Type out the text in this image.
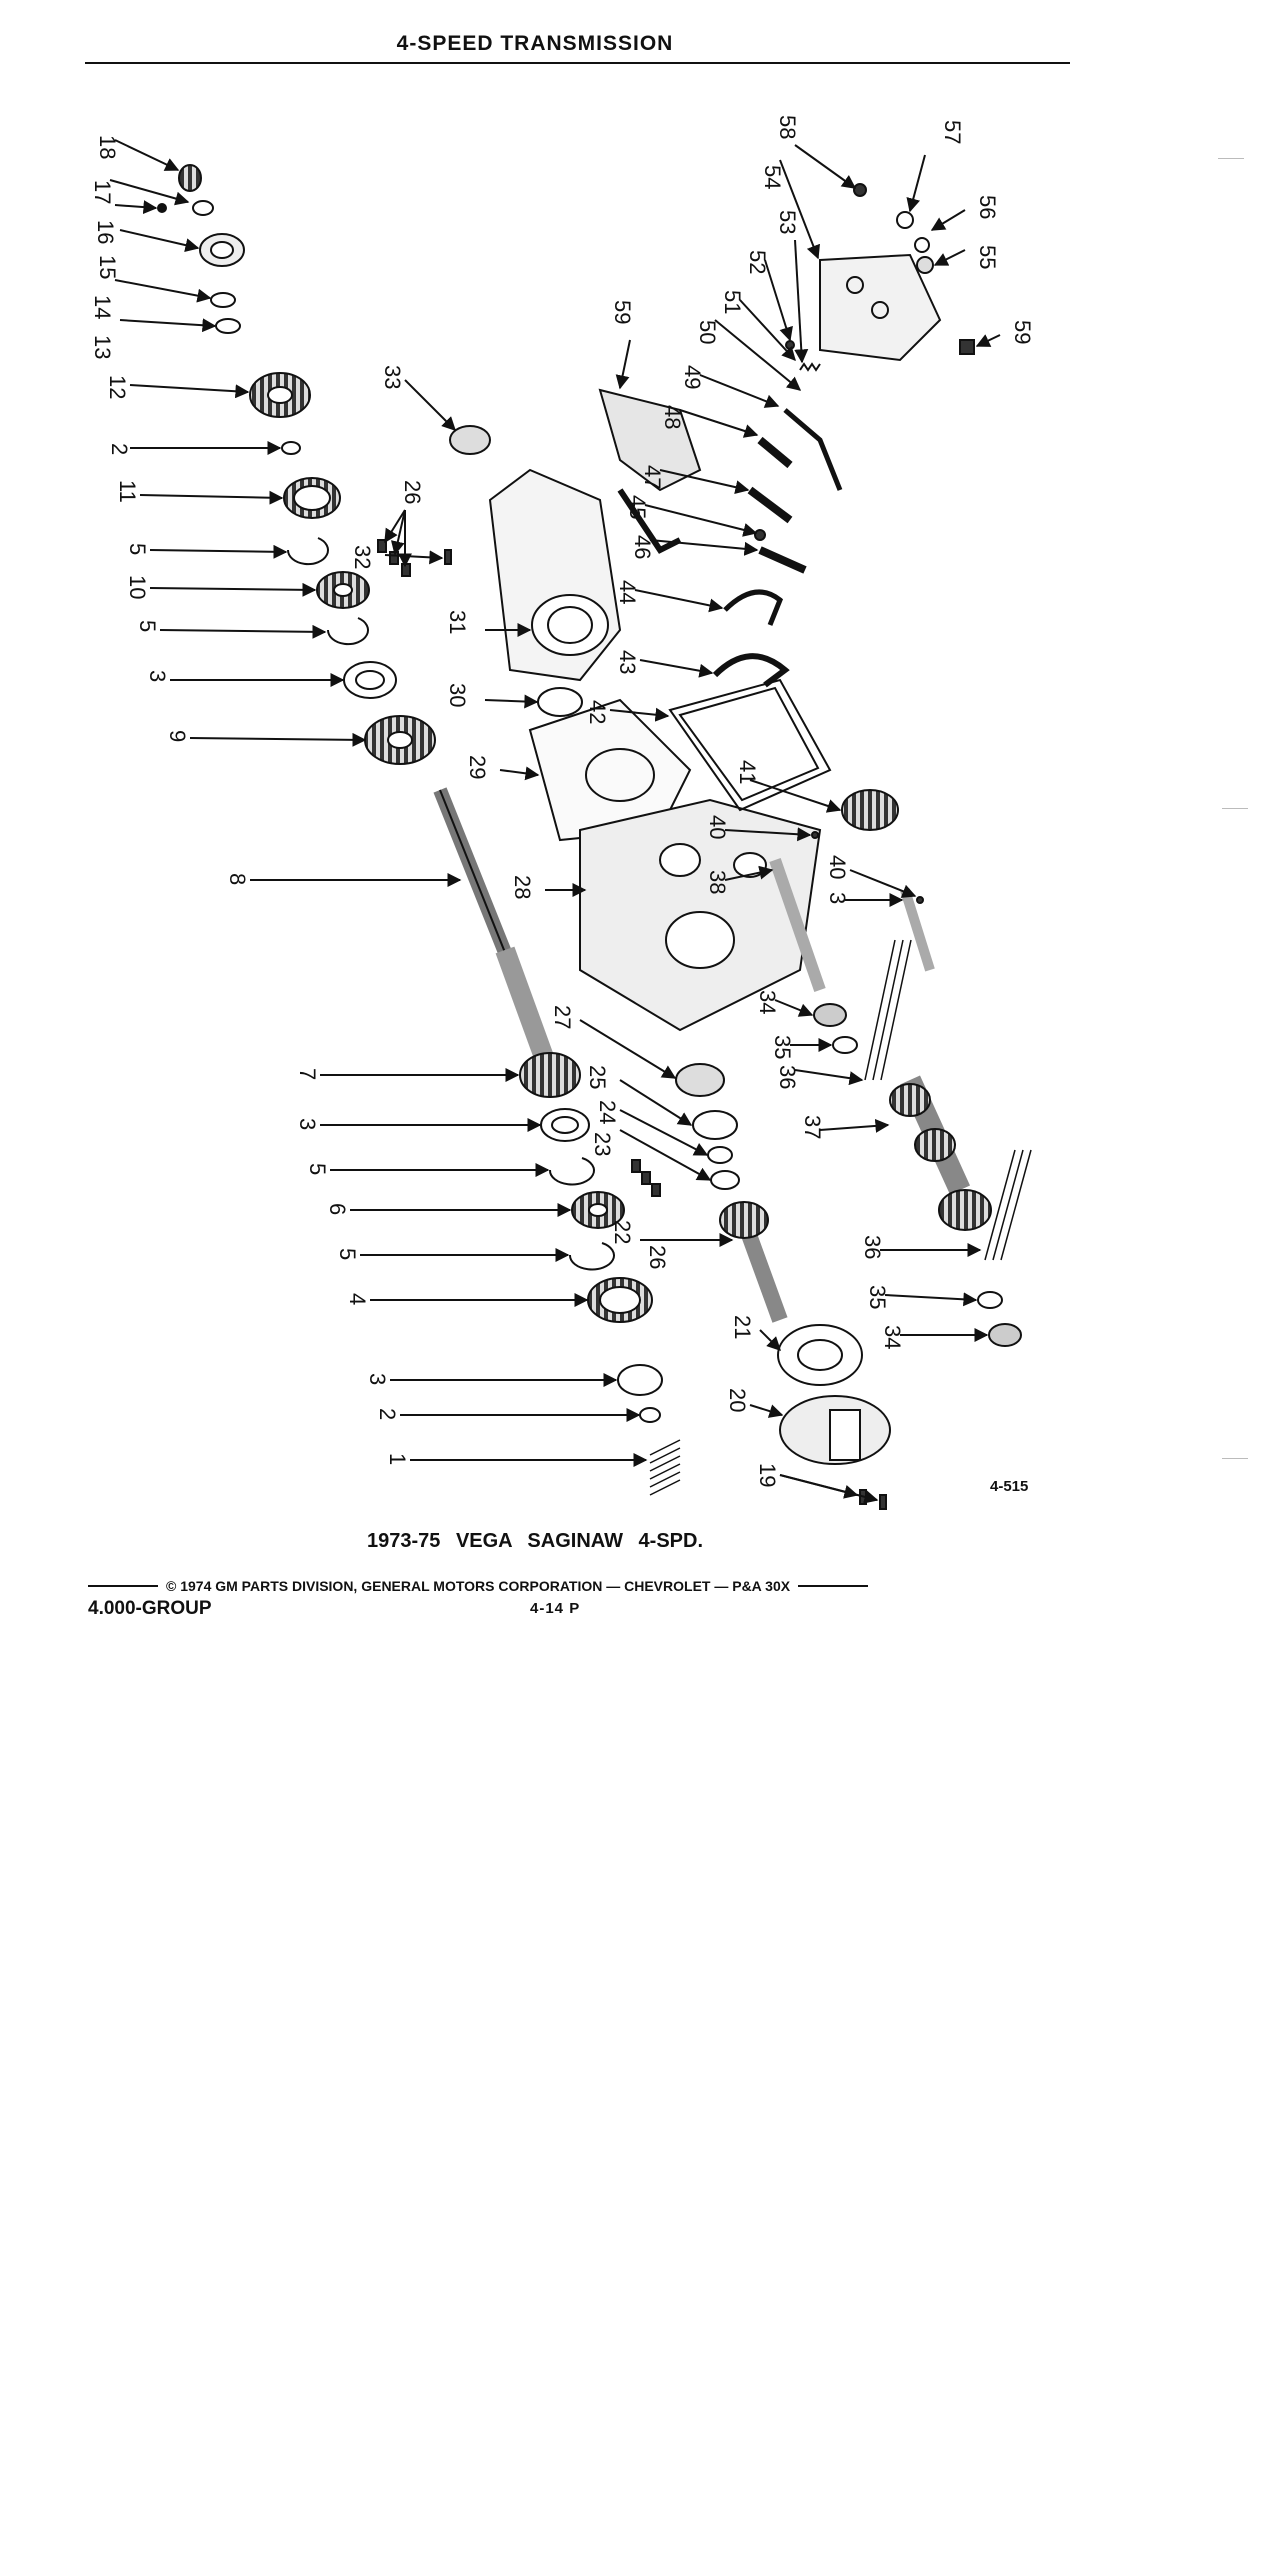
4-SPEED TRANSMISSION
18
17
16
15
14
13
12
2
11
5
10
26
5
3
9
8
7
3
5
6
5
4
3
2
1
26
33
32
31
30
29
28
27
25
24
23
22
21
20
19
59
58
54
57
56
55
59
53
52
51
50
49
48
47
45
46
44
43
42
41
40
40
38
3
34
35
36
37
36
35
34
4-515
1973-75 VEGA SAGINAW 4-SPD.
© 1974 GM PARTS DIVISION, GENERAL MOTORS CORPORATION — CHEVROLET — P&A 30X
4.000-GROUP	4-14 P
